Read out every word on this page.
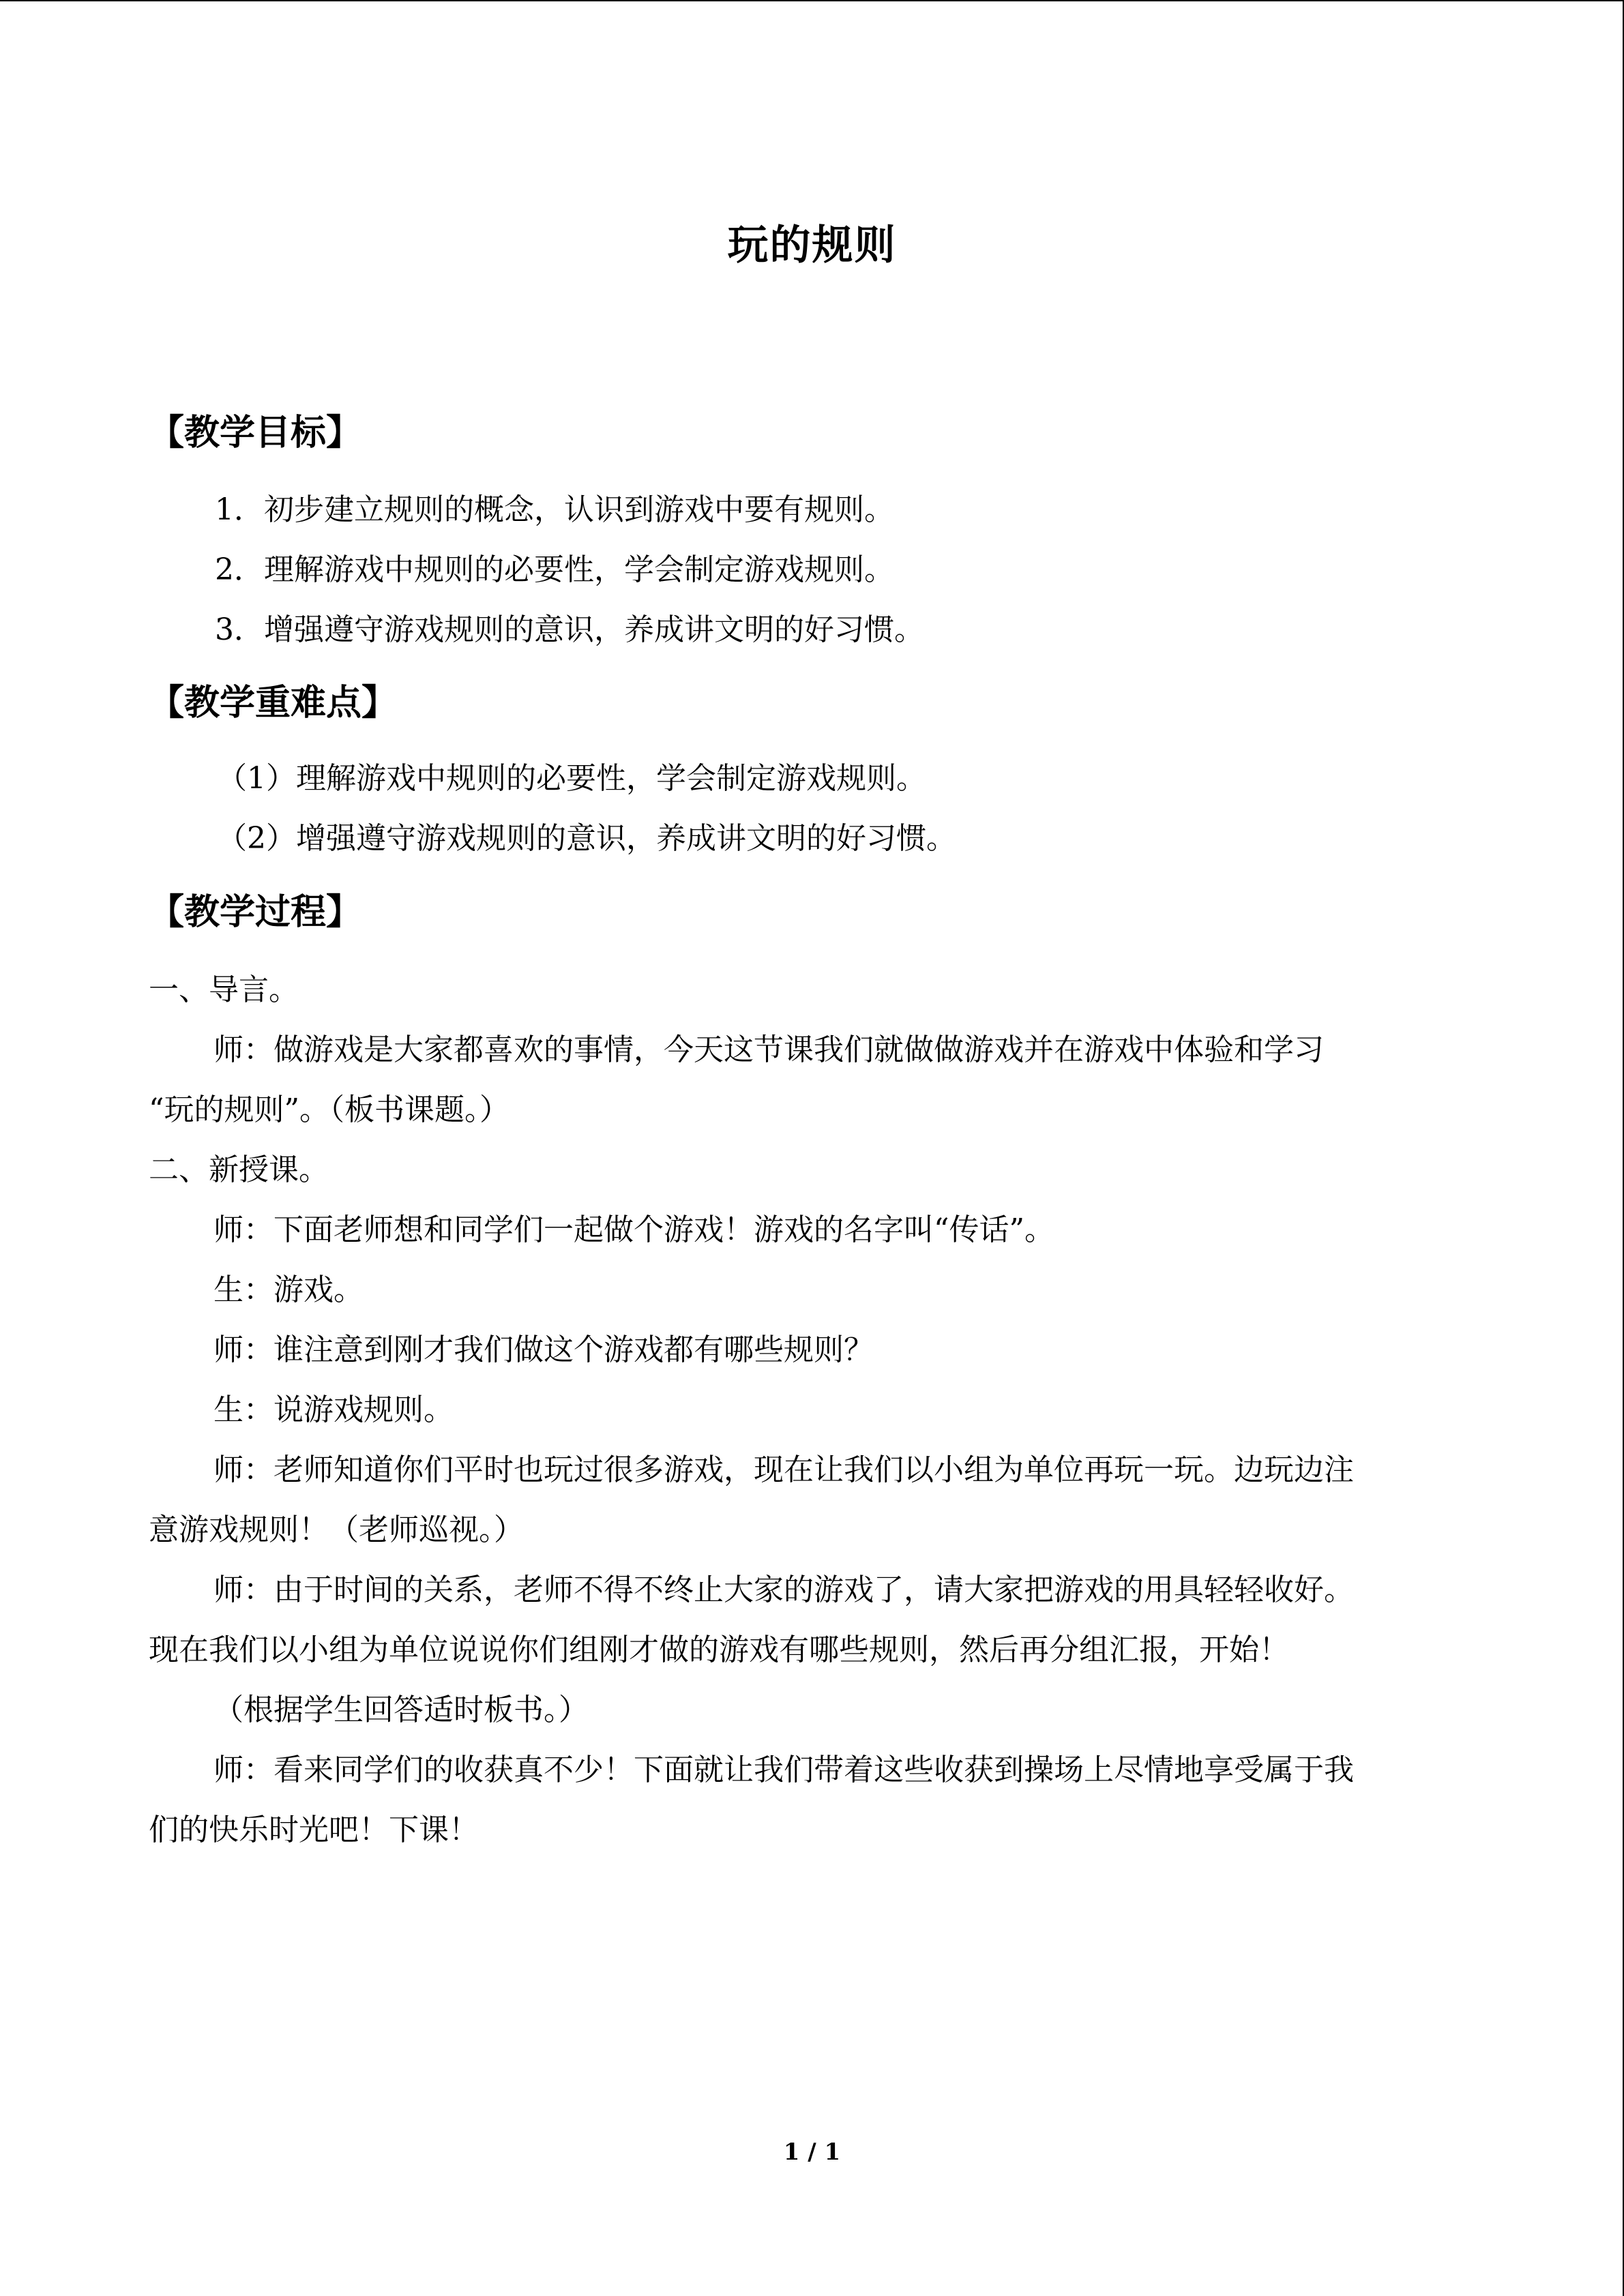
玩的规则
【教学目标】
1．初步建立规则的概念，认识到游戏中要有规则。
2．理解游戏中规则的必要性，学会制定游戏规则。
3．增强遵守游戏规则的意识，养成讲文明的好习惯。
【教学重难点】
（1）理解游戏中规则的必要性，学会制定游戏规则。
（2）增强遵守游戏规则的意识，养成讲文明的好习惯。
【教学过程】
一、导言。
师：做游戏是大家都喜欢的事情，今天这节课我们就做做游戏并在游戏中体验和学习
“玩的规则”。（板书课题。）
二、新授课。
师：下面老师想和同学们一起做个游戏！游戏的名字叫“传话”。
生：游戏。
师：谁注意到刚才我们做这个游戏都有哪些规则？
生：说游戏规则。
师：老师知道你们平时也玩过很多游戏，现在让我们以小组为单位再玩一玩。边玩边注
意游戏规则！（老师巡视。）
师：由于时间的关系，老师不得不终止大家的游戏了，请大家把游戏的用具轻轻收好。
现在我们以小组为单位说说你们组刚才做的游戏有哪些规则，然后再分组汇报，开始！
（根据学生回答适时板书。）
师：看来同学们的收获真不少！下面就让我们带着这些收获到操场上尽情地享受属于我
们的快乐时光吧！下课！
1 / 1
